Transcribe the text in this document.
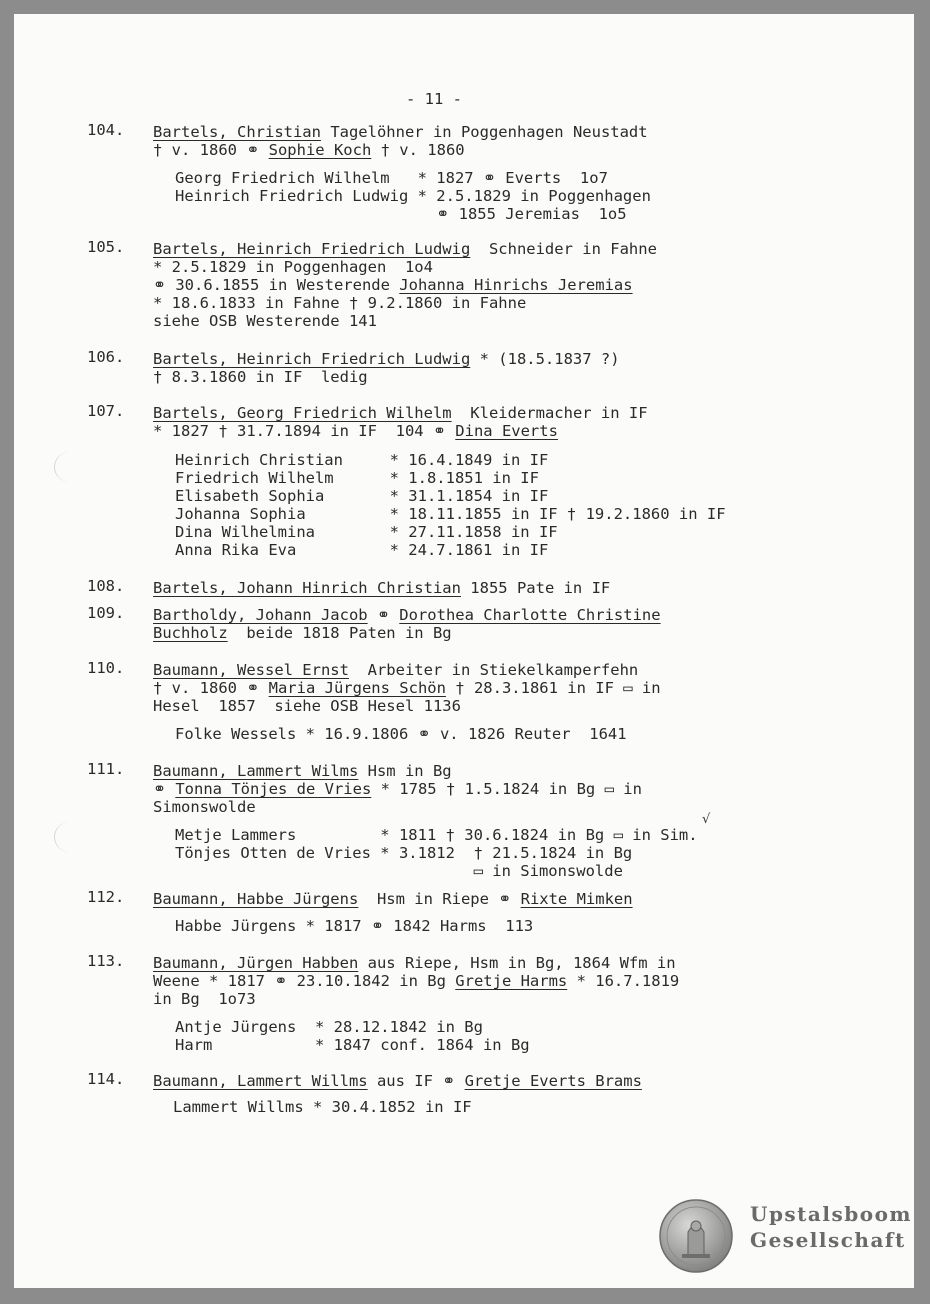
- 11 -
104. Bartels, Christian Tagelöhner in Poggenhagen Neustadt
† v. 1860 ⚭ Sophie Koch † v. 1860
Georg Friedrich Wilhelm   * 1827 ⚭ Everts  1o7
Heinrich Friedrich Ludwig * 2.5.1829 in Poggenhagen
⚭ 1855 Jeremias  1o5
105. Bartels, Heinrich Friedrich Ludwig  Schneider in Fahne
* 2.5.1829 in Poggenhagen  1o4
⚭ 30.6.1855 in Westerende Johanna Hinrichs Jeremias
* 18.6.1833 in Fahne † 9.2.1860 in Fahne
siehe OSB Westerende 141
106. Bartels, Heinrich Friedrich Ludwig * (18.5.1837 ?)
† 8.3.1860 in IF  ledig
107. Bartels, Georg Friedrich Wilhelm  Kleidermacher in IF
* 1827 † 31.7.1894 in IF  104 ⚭ Dina Everts
Heinrich Christian     * 16.4.1849 in IF
Friedrich Wilhelm      * 1.8.1851 in IF
Elisabeth Sophia       * 31.1.1854 in IF
Johanna Sophia         * 18.11.1855 in IF † 19.2.1860 in IF
Dina Wilhelmina        * 27.11.1858 in IF
Anna Rika Eva          * 24.7.1861 in IF
108. Bartels, Johann Hinrich Christian 1855 Pate in IF
109. Bartholdy, Johann Jacob ⚭ Dorothea Charlotte Christine
Buchholz  beide 1818 Paten in Bg
110. Baumann, Wessel Ernst  Arbeiter in Stiekelkamperfehn
† v. 1860 ⚭ Maria Jürgens Schön † 28.3.1861 in IF ▭ in
Hesel  1857  siehe OSB Hesel 1136
Folke Wessels * 16.9.1806 ⚭ v. 1826 Reuter  1641
111. Baumann, Lammert Wilms Hsm in Bg
⚭ Tonna Tönjes de Vries * 1785 † 1.5.1824 in Bg ▭ in
Simonswolde
√
Metje Lammers         * 1811 † 30.6.1824 in Bg ▭ in Sim.
Tönjes Otten de Vries * 3.1812  † 21.5.1824 in Bg
▭ in Simonswolde
112. Baumann, Habbe Jürgens  Hsm in Riepe ⚭ Rixte Mimken
Habbe Jürgens * 1817 ⚭ 1842 Harms  113
113. Baumann, Jürgen Habben aus Riepe, Hsm in Bg, 1864 Wfm in
Weene * 1817 ⚭ 23.10.1842 in Bg Gretje Harms * 16.7.1819
in Bg  1o73
Antje Jürgens  * 28.12.1842 in Bg
Harm           * 1847 conf. 1864 in Bg
114. Baumann, Lammert Willms aus IF ⚭ Gretje Everts Brams
Lammert Willms * 30.4.1852 in IF
Upstalsboom
Gesellschaft
